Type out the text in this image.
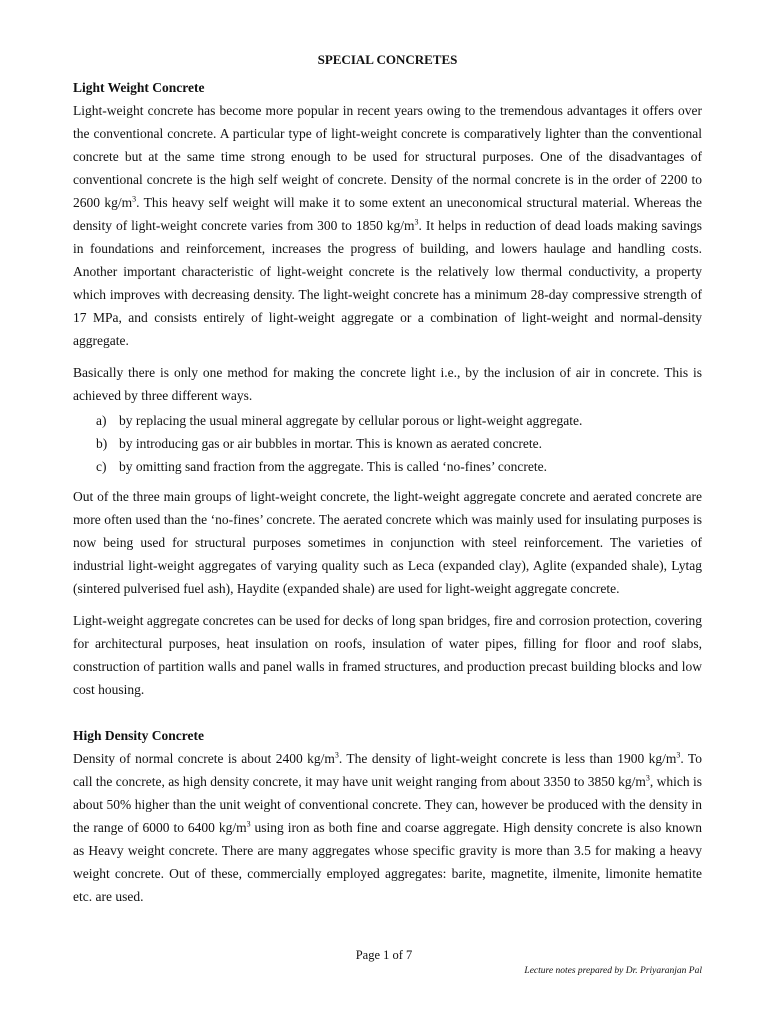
SPECIAL CONCRETES
Light Weight Concrete

Light-weight concrete has become more popular in recent years owing to the tremendous advantages it offers over the conventional concrete. A particular type of light-weight concrete is comparatively lighter than the conventional concrete but at the same time strong enough to be used for structural purposes. One of the disadvantages of conventional concrete is the high self weight of concrete. Density of the normal concrete is in the order of 2200 to 2600 $kg/m^3$. This heavy self weight will make it to some extent an uneconomical structural material. Whereas the density of light-weight concrete varies from 300 to 1850 $kg/m^3$. It helps in reduction of dead loads making savings in foundations and reinforcement, increases the progress of building, and lowers haulage and handling costs. Another important characteristic of light-weight concrete is the relatively low thermal conductivity, a property which improves with decreasing density. The light-weight concrete has a minimum 28-day compressive strength of 17 MPa, and consists entirely of light-weight aggregate or a combination of light-weight and normal-density aggregate.

Basically there is only one method for making the concrete light i.e., by the inclusion of air in concrete. This is achieved by three different ways.

a) by replacing the usual mineral aggregate by cellular porous or light-weight aggregate.
b) by introducing gas or air bubbles in mortar. This is known as aerated concrete.
c) by omitting sand fraction from the aggregate. This is called ‘no-fines’ concrete.

Out of the three main groups of light-weight concrete, the light-weight aggregate concrete and aerated concrete are more often used than the ‘no-fines’ concrete. The aerated concrete which was mainly used for insulating purposes is now being used for structural purposes sometimes in conjunction with steel reinforcement. The varieties of industrial light-weight aggregates of varying quality such as Leca (expanded clay), Aglite (expanded shale), Lytag (sintered pulverised fuel ash), Haydite (expanded shale) are used for light-weight aggregate concrete.

Light-weight aggregate concretes can be used for decks of long span bridges, fire and corrosion protection, covering for architectural purposes, heat insulation on roofs, insulation of water pipes, filling for floor and roof slabs, construction of partition walls and panel walls in framed structures, and production precast building blocks and low cost housing.

High Density Concrete

Density of normal concrete is about 2400 $kg/m^3$. The density of light-weight concrete is less than 1900 $kg/m^3$. To call the concrete, as high density concrete, it may have unit weight ranging from about 3350 to 3850 $kg/m^3$, which is about 50% higher than the unit weight of conventional concrete. They can, however be produced with the density in the range of 6000 to 6400 $kg/m^3$ using iron as both fine and coarse aggregate. High density concrete is also known as Heavy weight concrete. There are many aggregates whose specific gravity is more than 3.5 for making a heavy weight concrete. Out of these, commercially employed aggregates: barite, magnetite, ilmenite, limonite hematite etc. are used.

Page 1 of 7
Lecture notes prepared by Dr. Priyaranjan Pal
